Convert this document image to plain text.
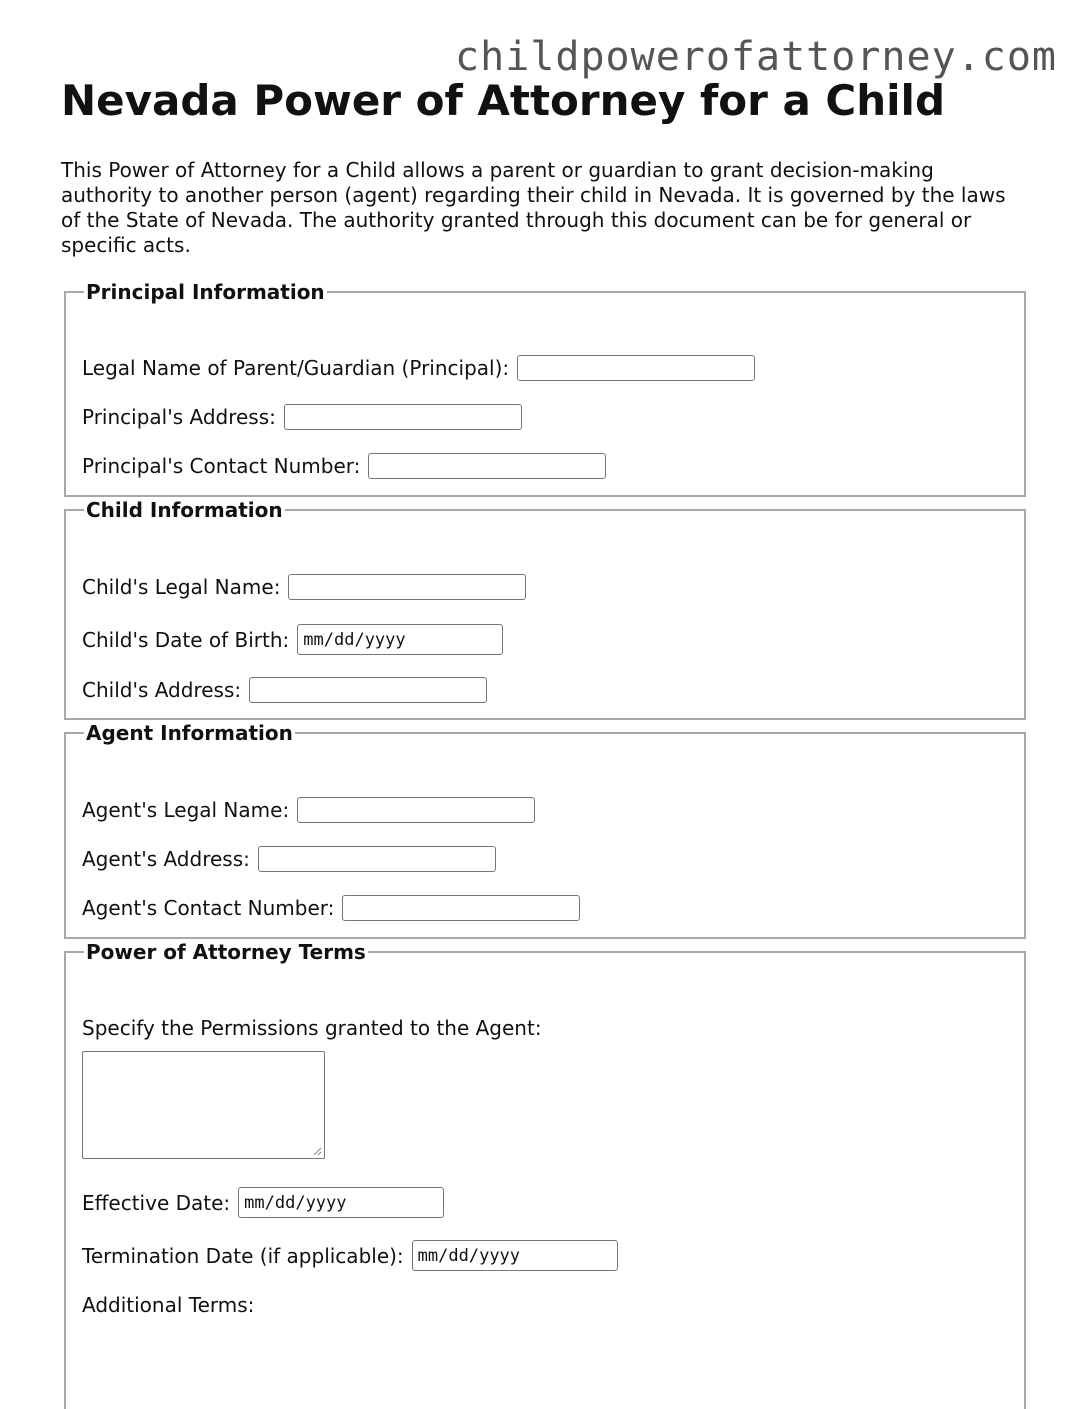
childpowerofattorney.com
Nevada Power of Attorney for a Child

This Power of Attorney for a Child allows a parent or guardian to grant decision-making authority to another person (agent) regarding their child in Nevada. It is governed by the laws of the State of Nevada. The authority granted through this document can be for general or specific acts.

Principal Information
Legal Name of Parent/Guardian (Principal):
Principal's Address:
Principal's Contact Number:
Child Information
Child's Legal Name:
Child's Date of Birth: mm/dd/yyyy
Child's Address:
Agent Information
Agent's Legal Name:
Agent's Address:
Agent's Contact Number:
Power of Attorney Terms
Specify the Permissions granted to the Agent:
Effective Date: mm/dd/yyyy
Termination Date (if applicable): mm/dd/yyyy
Additional Terms:
